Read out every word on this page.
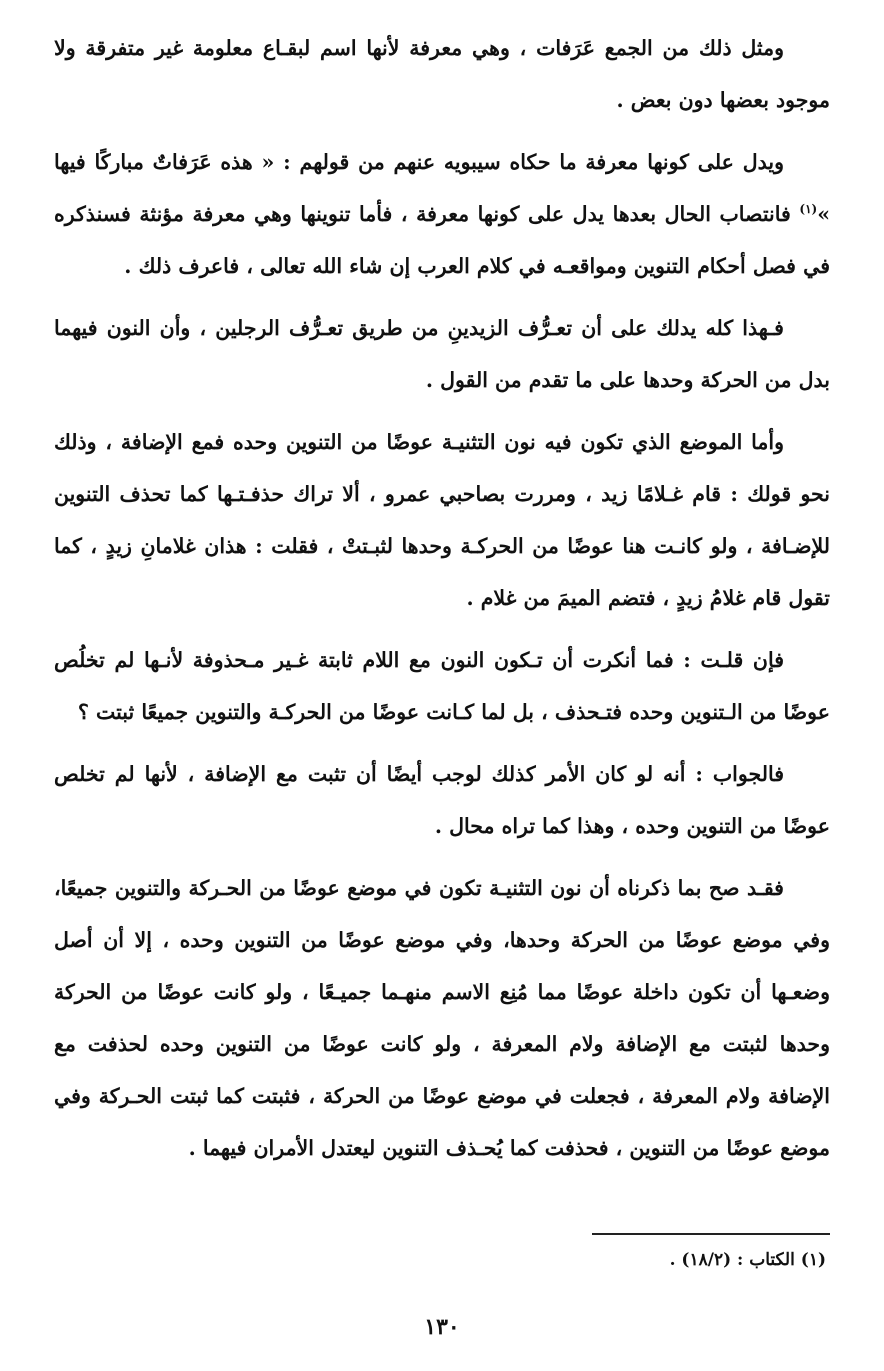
ومثل ذلك من الجمع عَرَفات ، وهي معرفة لأنها اسم لبقـاع معلومة غير متفرقة ولا موجود بعضها دون بعض .

ويدل على كونها معرفة ما حكاه سيبويه عنهم من قولهم : « هذه عَرَفاتٌ مباركًا فيها »$^{(١)}$ فانتصاب الحال بعدها يدل على كونها معرفة ، فأما تنوينها وهي معرفة مؤنثة فسنذكره في فصل أحكام التنوين ومواقعـه في كلام العرب إن شاء الله تعالى ، فاعرف ذلك .

فـهذا كله يدلك على أن تعـرُّف الزيدينِ من طريق تعـرُّف الرجلين ، وأن النون فيهما بدل من الحركة وحدها على ما تقدم من القول .

وأما الموضع الذي تكون فيه نون التثنيـة عوضًا من التنوين وحده فمع الإضافة ، وذلك نحو قولك : قام غـلامًا زيد ، ومررت بصاحبي عمرو ، ألا تراك حذفـتـها كما تحذف التنوين للإضـافة ، ولو كانـت هنا عوضًا من الحركـة وحدها لثبـتتْ ، فقلت : هذان غلامانِ زيدٍ ، كما تقول قام غلامُ زيدٍ ، فتضم الميمَ من غلام .

فإن قلـت : فما أنكرت أن تـكون النون مع اللام ثابتة غـير مـحذوفة لأنـها لم تخلُص عوضًا من الـتنوين وحده فتـحذف ، بل لما كـانت عوضًا من الحركـة والتنوين جميعًا ثبتت ؟

فالجواب : أنه لو كان الأمر كذلك لوجب أيضًا أن تثبت مع الإضافة ، لأنها لم تخلص عوضًا من التنوين وحده ، وهذا كما تراه محال .

فقـد صح بما ذكرناه أن نون التثنيـة تكون في موضع عوضًا من الحـركة والتنوين جميعًا، وفي موضع عوضًا من الحركة وحدها، وفي موضع عوضًا من التنوين وحده ، إلا أن أصل وضعـها أن تكون داخلة عوضًا مما مُنِع الاسم منهـما جميـعًا ، ولو كانت عوضًا من الحركة وحدها لثبتت مع الإضافة ولام المعرفة ، ولو كانت عوضًا من التنوين وحده لحذفت مع الإضافة ولام المعرفة ، فجعلت في موضع عوضًا من الحركة ، فثبتت كما ثبتت الحـركة وفي موضع عوضًا من التنوين ، فحذفت كما يُحـذف التنوين ليعتدل الأمران فيهما .

(١) الكتاب : (١٨/٢) .
١٣٠
